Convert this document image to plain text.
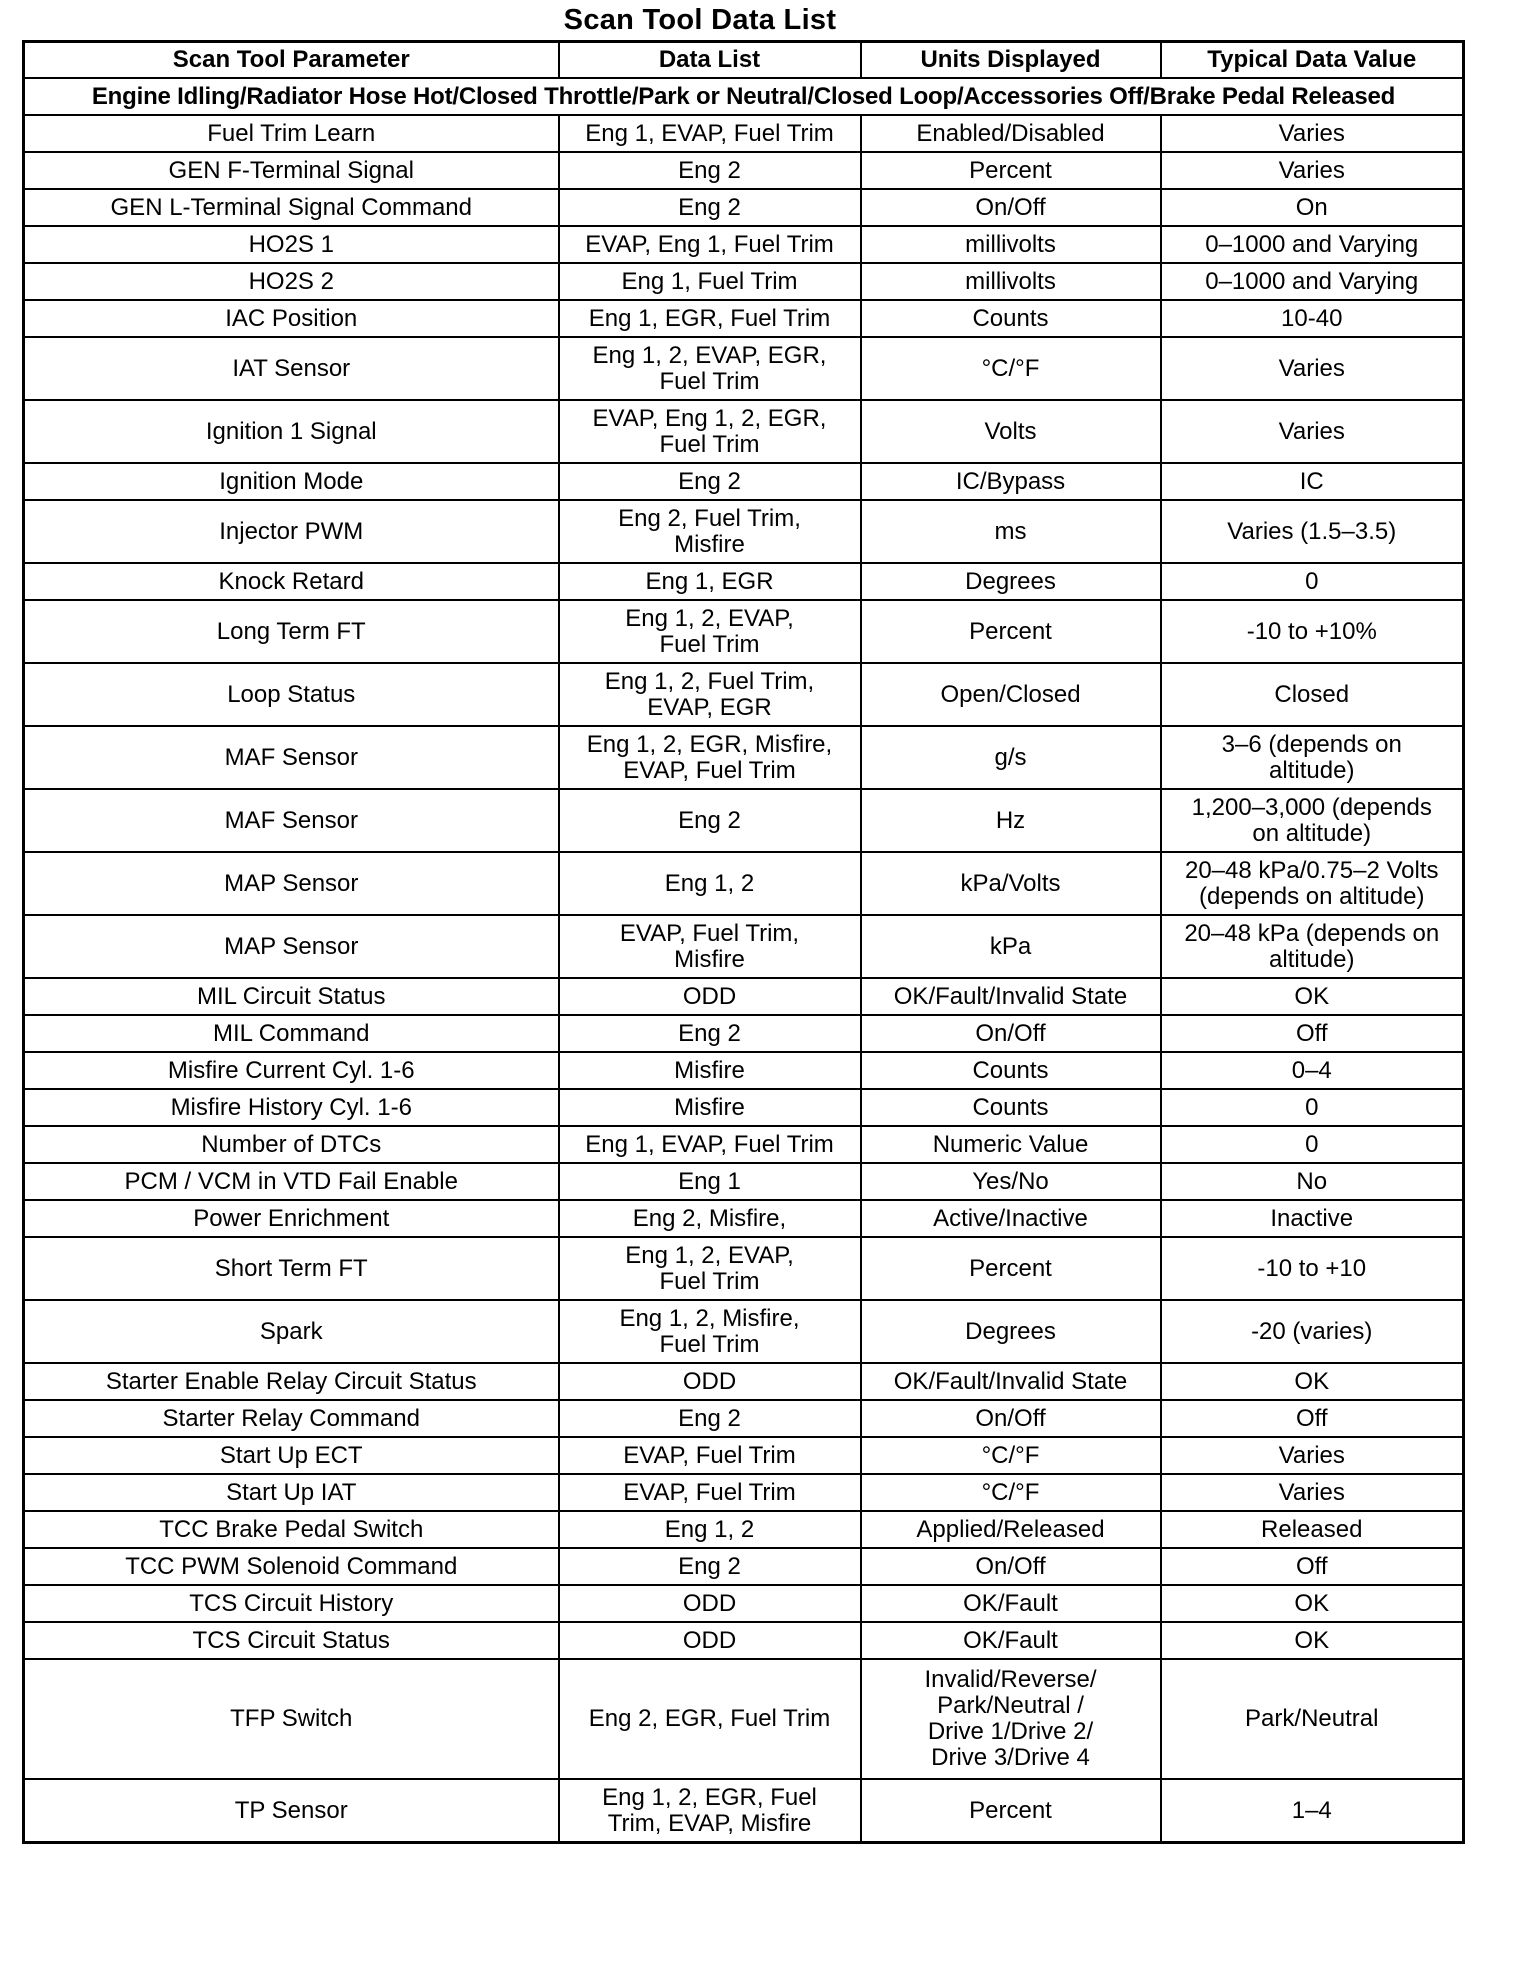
Scan Tool Data List
Scan Tool Parameter	Data List	Units Displayed	Typical Data Value
Engine Idling/Radiator Hose Hot/Closed Throttle/Park or Neutral/Closed Loop/Accessories Off/Brake Pedal Released			
Fuel Trim Learn	Eng 1, EVAP, Fuel Trim	Enabled/Disabled	Varies

GEN F-Terminal Signal	Eng 2	Percent	Varies

GEN L-Terminal Signal Command	Eng 2	On/Off	On

HO2S 1	EVAP, Eng 1, Fuel Trim	millivolts	0–1000 and Varying

HO2S 2	Eng 1, Fuel Trim	millivolts	0–1000 and Varying

IAC Position	Eng 1, EGR, Fuel Trim	Counts	10-40

IAT Sensor	Eng 1, 2, EVAP, EGR,
Fuel Trim	°C/°F	Varies

Ignition 1 Signal	EVAP, Eng 1, 2, EGR,
Fuel Trim	Volts	Varies

Ignition Mode	Eng 2	IC/Bypass	IC

Injector PWM	Eng 2, Fuel Trim,
Misfire	ms	Varies (1.5–3.5)

Knock Retard	Eng 1, EGR	Degrees	0

Long Term FT	Eng 1, 2, EVAP,
Fuel Trim	Percent	-10 to +10%

Loop Status	Eng 1, 2, Fuel Trim,
EVAP, EGR	Open/Closed	Closed

MAF Sensor	Eng 1, 2, EGR, Misfire,
EVAP, Fuel Trim	g/s	3–6 (depends on
altitude)

MAF Sensor	Eng 2	Hz	1,200–3,000 (depends
on altitude)

MAP Sensor	Eng 1, 2	kPa/Volts	20–48 kPa/0.75–2 Volts
(depends on altitude)

MAP Sensor	EVAP, Fuel Trim,
Misfire	kPa	20–48 kPa (depends on
altitude)

MIL Circuit Status	ODD	OK/Fault/Invalid State	OK

MIL Command	Eng 2	On/Off	Off

Misfire Current Cyl. 1-6	Misfire	Counts	0–4

Misfire History Cyl. 1-6	Misfire	Counts	0

Number of DTCs	Eng 1, EVAP, Fuel Trim	Numeric Value	0

PCM / VCM in VTD Fail Enable	Eng 1	Yes/No	No

Power Enrichment	Eng 2, Misfire,	Active/Inactive	Inactive

Short Term FT	Eng 1, 2, EVAP,
Fuel Trim	Percent	-10 to +10

Spark	Eng 1, 2, Misfire,
Fuel Trim	Degrees	-20 (varies)

Starter Enable Relay Circuit Status	ODD	OK/Fault/Invalid State	OK

Starter Relay Command	Eng 2	On/Off	Off

Start Up ECT	EVAP, Fuel Trim	°C/°F	Varies

Start Up IAT	EVAP, Fuel Trim	°C/°F	Varies

TCC Brake Pedal Switch	Eng 1, 2	Applied/Released	Released

TCC PWM Solenoid Command	Eng 2	On/Off	Off

TCS Circuit History	ODD	OK/Fault	OK

TCS Circuit Status	ODD	OK/Fault	OK

TFP Switch	Eng 2, EGR, Fuel Trim	Invalid/Reverse/
Park/Neutral /
Drive 1/Drive 2/
Drive 3/Drive 4	Park/Neutral

TP Sensor	Eng 1, 2, EGR, Fuel
Trim, EVAP, Misfire	Percent	1–4
